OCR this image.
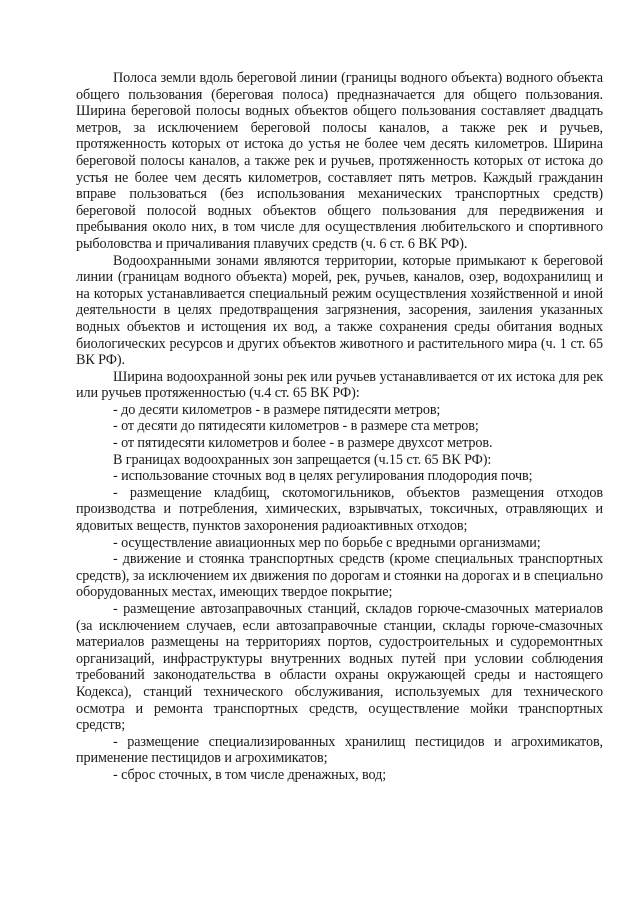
Полоса земли вдоль береговой линии (границы водного объекта) водного объекта общего пользования (береговая полоса) предназначается для общего пользования. Ширина береговой полосы водных объектов общего пользования составляет двадцать метров, за исключением береговой полосы каналов, а также рек и ручьев, протяженность которых от истока до устья не более чем десять километров. Ширина береговой полосы каналов, а также рек и ручьев, протяженность которых от истока до устья не более чем десять километров, составляет пять метров. Каждый гражданин вправе пользоваться (без использования механических транспортных средств) береговой полосой водных объектов общего пользования для передвижения и пребывания около них, в том числе для осуществления любительского и спортивного рыболовства и причаливания плавучих средств (ч. 6 ст. 6 ВК РФ).

Водоохранными зонами являются территории, которые примыкают к береговой линии (границам водного объекта) морей, рек, ручьев, каналов, озер, водохранилищ и на которых устанавливается специальный режим осуществления хозяйственной и иной деятельности в целях предотвращения загрязнения, засорения, заиления указанных водных объектов и истощения их вод, а также сохранения среды обитания водных биологических ресурсов и других объектов животного и растительного мира (ч. 1 ст. 65 ВК РФ).

Ширина водоохранной зоны рек или ручьев устанавливается от их истока для рек или ручьев протяженностью (ч.4 ст. 65 ВК РФ):

- до десяти километров - в размере пятидесяти метров;

- от десяти до пятидесяти километров - в размере ста метров;

- от пятидесяти километров и более - в размере двухсот метров.

В границах водоохранных зон запрещается (ч.15 ст. 65 ВК РФ):

- использование сточных вод в целях регулирования плодородия почв;

- размещение кладбищ, скотомогильников, объектов размещения отходов производства и потребления, химических, взрывчатых, токсичных, отравляющих и ядовитых веществ, пунктов захоронения радиоактивных отходов;

- осуществление авиационных мер по борьбе с вредными организмами;

- движение и стоянка транспортных средств (кроме специальных транспортных средств), за исключением их движения по дорогам и стоянки на дорогах и в специально оборудованных местах, имеющих твердое покрытие;

- размещение автозаправочных станций, складов горюче-смазочных материалов (за исключением случаев, если автозаправочные станции, склады горюче-смазочных материалов размещены на территориях портов, судостроительных и судоремонтных организаций, инфраструктуры внутренних водных путей при условии соблюдения требований законодательства в области охраны окружающей среды и настоящего Кодекса), станций технического обслуживания, используемых для технического осмотра и ремонта транспортных средств, осуществление мойки транспортных средств;

- размещение специализированных хранилищ пестицидов и агрохимикатов, применение пестицидов и агрохимикатов;

- сброс сточных, в том числе дренажных, вод;
